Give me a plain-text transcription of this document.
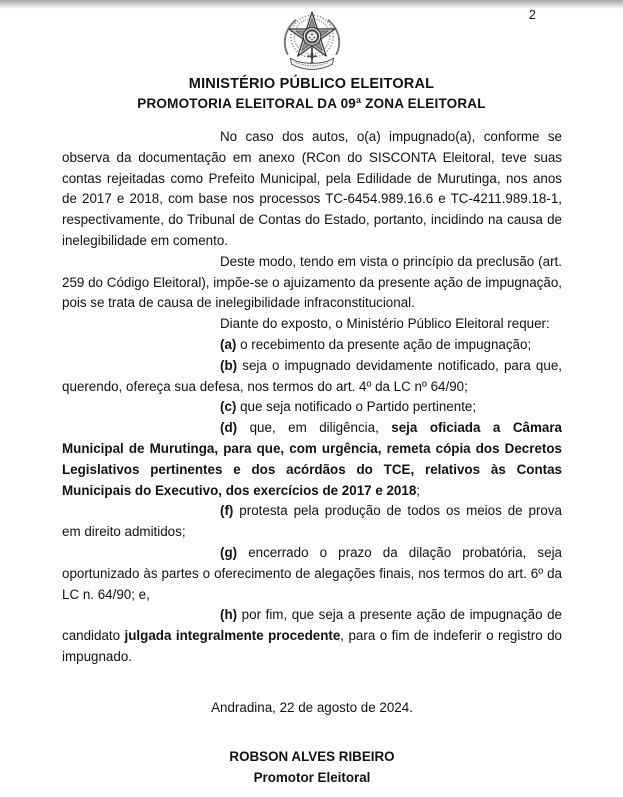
2
MINISTÉRIO PÚBLICO ELEITORAL
PROMOTORIA ELEITORAL DA 09ª ZONA ELEITORAL

No caso dos autos, o(a) impugnado(a), conforme se observa da documentação em anexo (RCon do SISCONTA Eleitoral, teve suas contas rejeitadas como Prefeito Municipal, pela Edilidade de Murutinga, nos anos de 2017 e 2018, com base nos processos TC-6454.989.16.6 e TC-4211.989.18-1, respectivamente, do Tribunal de Contas do Estado, portanto, incidindo na causa de inelegibilidade em comento.

Deste modo, tendo em vista o princípio da preclusão (art. 259 do Código Eleitoral), impõe-se o ajuizamento da presente ação de impugnação, pois se trata de causa de inelegibilidade infraconstitucional.

Diante do exposto, o Ministério Público Eleitoral requer:

(a) o recebimento da presente ação de impugnação;

(b) seja o impugnado devidamente notificado, para que, querendo, ofereça sua defesa, nos termos do art. 4º da LC nº 64/90;

(c) que seja notificado o Partido pertinente;

(d) que, em diligência, seja oficiada a Câmara Municipal de Murutinga, para que, com urgência, remeta cópia dos Decretos Legislativos pertinentes e dos acórdãos do TCE, relativos às Contas Municipais do Executivo, dos exercícios de 2017 e 2018;

(f) protesta pela produção de todos os meios de prova em direito admitidos;

(g) encerrado o prazo da dilação probatória, seja oportunizado às partes o oferecimento de alegações finais, nos termos do art. 6º da LC n. 64/90; e,

(h) por fim, que seja a presente ação de impugnação de candidato julgada integralmente procedente, para o fim de indeferir o registro do impugnado.

Andradina, 22 de agosto de 2024.

ROBSON ALVES RIBEIRO
Promotor Eleitoral
